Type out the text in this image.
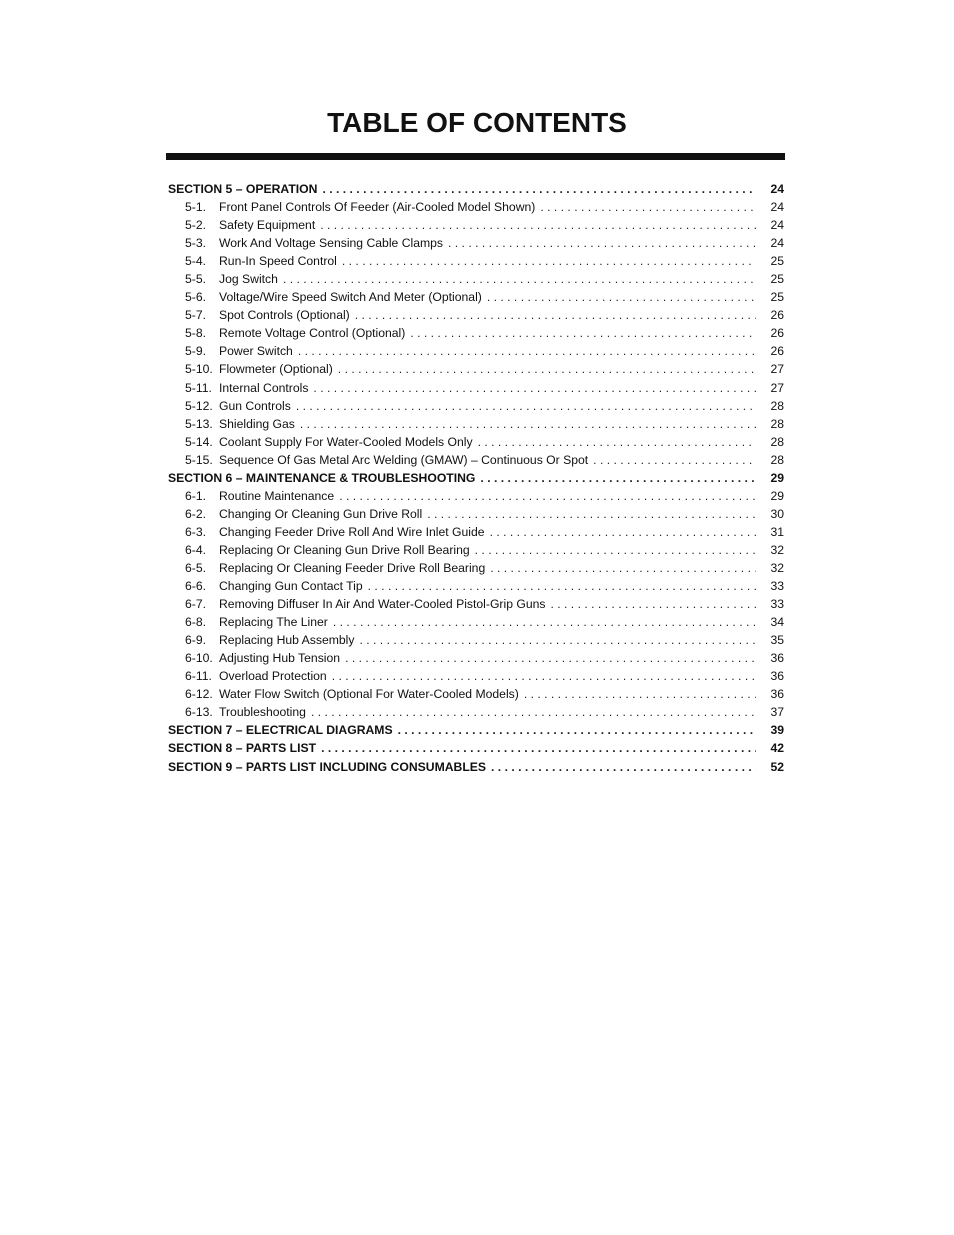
TABLE OF CONTENTS
SECTION 5 – OPERATION . . .	24
5-1.	Front Panel Controls Of Feeder (Air-Cooled Model Shown) . . .	24
5-2.	Safety Equipment . . .	24
5-3.	Work And Voltage Sensing Cable Clamps . . .	24
5-4.	Run-In Speed Control . . .	25
5-5.	Jog Switch . . .	25
5-6.	Voltage/Wire Speed Switch And Meter (Optional) . . .	25
5-7.	Spot Controls (Optional) . . .	26
5-8.	Remote Voltage Control (Optional) . . .	26
5-9.	Power Switch . . .	26
5-10. Flowmeter (Optional) . . .	27
5-11. Internal Controls . . .	27
5-12. Gun Controls . . .	28
5-13. Shielding Gas . . .	28
5-14. Coolant Supply For Water-Cooled Models Only . . .	28
5-15. Sequence Of Gas Metal Arc Welding (GMAW) – Continuous Or Spot . . .	28
SECTION 6 – MAINTENANCE & TROUBLESHOOTING . . .	29
6-1.	Routine Maintenance . . .	29
6-2.	Changing Or Cleaning Gun Drive Roll . . .	30
6-3.	Changing Feeder Drive Roll And Wire Inlet Guide . . .	31
6-4.	Replacing Or Cleaning Gun Drive Roll Bearing . . .	32
6-5.	Replacing Or Cleaning Feeder Drive Roll Bearing . . .	32
6-6.	Changing Gun Contact Tip . . .	33
6-7.	Removing Diffuser In Air And Water-Cooled Pistol-Grip Guns . . .	33
6-8.	Replacing The Liner . . .	34
6-9.	Replacing Hub Assembly . . .	35
6-10. Adjusting Hub Tension . . .	36
6-11. Overload Protection . . .	36
6-12. Water Flow Switch (Optional For Water-Cooled Models) . . .	36
6-13. Troubleshooting . . .	37
SECTION 7 – ELECTRICAL DIAGRAMS . . .	39
SECTION 8 – PARTS LIST . . .	42
SECTION 9 – PARTS LIST INCLUDING CONSUMABLES . . .	52
